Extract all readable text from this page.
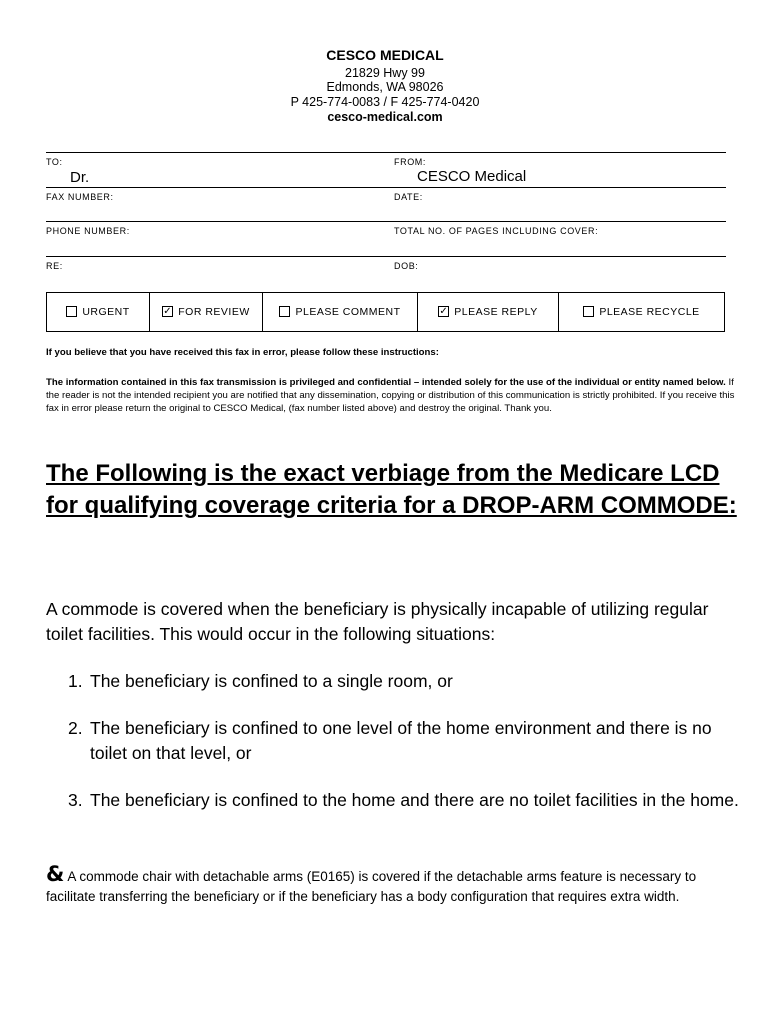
CESCO MEDICAL
21829 Hwy 99
Edmonds, WA 98026
P 425-774-0083 / F 425-774-0420
cesco-medical.com
TO:
Dr.
FROM:
CESCO Medical
FAX NUMBER:	DATE:
PHONE NUMBER:	TOTAL NO. OF PAGES INCLUDING COVER:
RE:	DOB:
URGENT	✓ FOR REVIEW	PLEASE COMMENT	✓ PLEASE REPLY	PLEASE RECYCLE
If you believe that you have received this fax in error, please follow these instructions:
The information contained in this fax transmission is privileged and confidential – intended solely for the use of the individual or entity named below. If the reader is not the intended recipient you are notified that any dissemination, copying or distribution of this communication is strictly prohibited. If you receive this fax in error please return the original to CESCO Medical, (fax number listed above) and destroy the original. Thank you.
The Following is the exact verbiage from the Medicare LCD for qualifying coverage criteria for a DROP-ARM COMMODE:
A commode is covered when the beneficiary is physically incapable of utilizing regular toilet facilities. This would occur in the following situations:
1. The beneficiary is confined to a single room, or
2. The beneficiary is confined to one level of the home environment and there is no toilet on that level, or
3. The beneficiary is confined to the home and there are no toilet facilities in the home.
& A commode chair with detachable arms (E0165) is covered if the detachable arms feature is necessary to facilitate transferring the beneficiary or if the beneficiary has a body configuration that requires extra width.
